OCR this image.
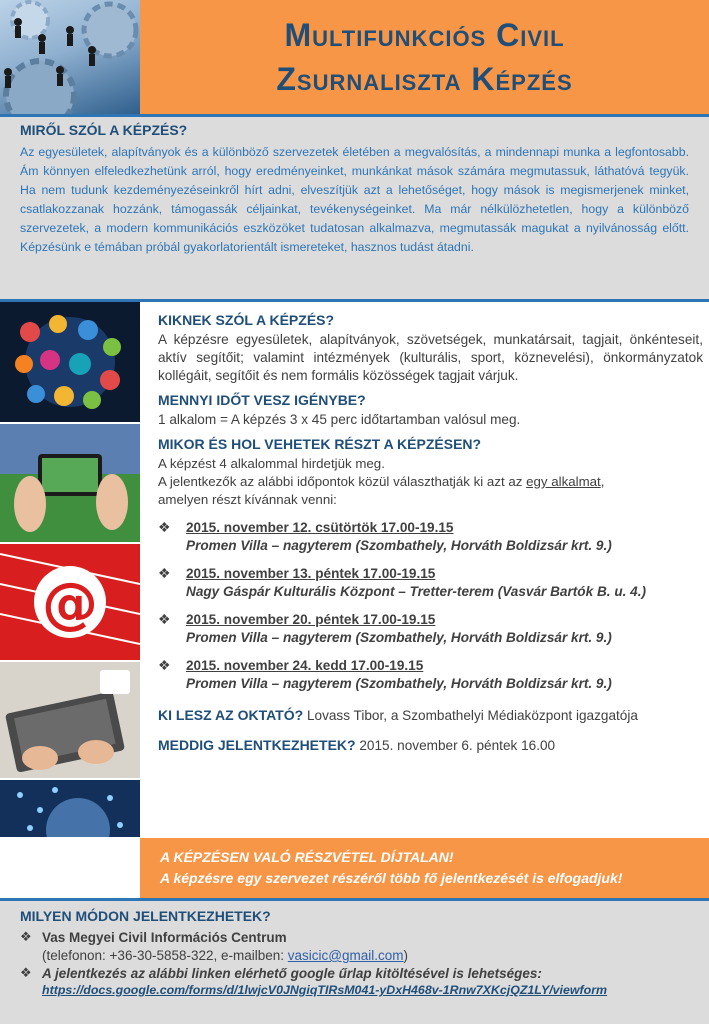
Multifunkciós Civil
Zsurnaliszta Képzés
MIRŐL SZÓL A KÉPZÉS?

Az egyesületek, alapítványok és a különböző szervezetek életében a megvalósítás, a mindennapi munka a legfontosabb. Ám könnyen elfeledkezhetünk arról, hogy eredményeinket, munkánkat mások számára megmutassuk, láthatóvá tegyük. Ha nem tudunk kezdeményezéseinkről hírt adni, elveszítjük azt a lehetőséget, hogy mások is megismerjenek minket, csatlakozzanak hozzánk, támogassák céljainkat, tevékenységeinket. Ma már nélkülözhetetlen, hogy a különböző szervezetek, a modern kommunikációs eszközöket tudatosan alkalmazva, megmutassák magukat a nyilvánosság előtt. Képzésünk e témában próbál gyakorlatorientált ismereteket, hasznos tudást átadni.

@
KIKNEK SZÓL A KÉPZÉS?

A képzésre egyesületek, alapítványok, szövetségek, munkatársait, tagjait, önkénteseit, aktív segítőit; valamint intézmények (kulturális, sport, köznevelési), önkormányzatok kollégáit, segítőit és nem formális közösségek tagjait várjuk.

MENNYI IDŐT VESZ IGÉNYBE?

1 alkalom = A képzés 3 x 45 perc időtartamban valósul meg.

MIKOR ÉS HOL VEHETEK RÉSZT A KÉPZÉSEN?

A képzést 4 alkalommal hirdetjük meg.

A jelentkezők az alábbi időpontok közül választhatják ki azt az egy alkalmat,

amelyen részt kívánnak venni:

❖	2015. november 12. csütörtök 17.00-19.15
Promen Villa – nagyterem (Szombathely, Horváth Boldizsár krt. 9.)
❖	2015. november 13. péntek 17.00-19.15
Nagy Gáspár Kulturális Központ – Tretter-terem (Vasvár Bartók B. u. 4.)
❖	2015. november 20. péntek 17.00-19.15
Promen Villa – nagyterem (Szombathely, Horváth Boldizsár krt. 9.)
❖	2015. november 24. kedd 17.00-19.15
Promen Villa – nagyterem (Szombathely, Horváth Boldizsár krt. 9.)
KI LESZ AZ OKTATÓ? Lovass Tibor, a Szombathelyi Médiaközpont igazgatója
MEDDIG JELENTKEZHETEK? 2015. november 6. péntek 16.00
A KÉPZÉSEN VALÓ RÉSZVÉTEL DÍJTALAN!
A képzésre egy szervezet részéről több fő jelentkezését is elfogadjuk!
MILYEN MÓDON JELENTKEZHETEK?
❖ Vas Megyei Civil Információs Centrum
(telefonon: +36-30-5858-322, e-mailben: vasicic@gmail.com)
❖ A jelentkezés az alábbi linken elérhető google űrlap kitöltésével is lehetséges:
https://docs.google.com/forms/d/1lwjcV0JNgiqTIRsM041-yDxH468v-1Rnw7XKcjQZ1LY/viewform
